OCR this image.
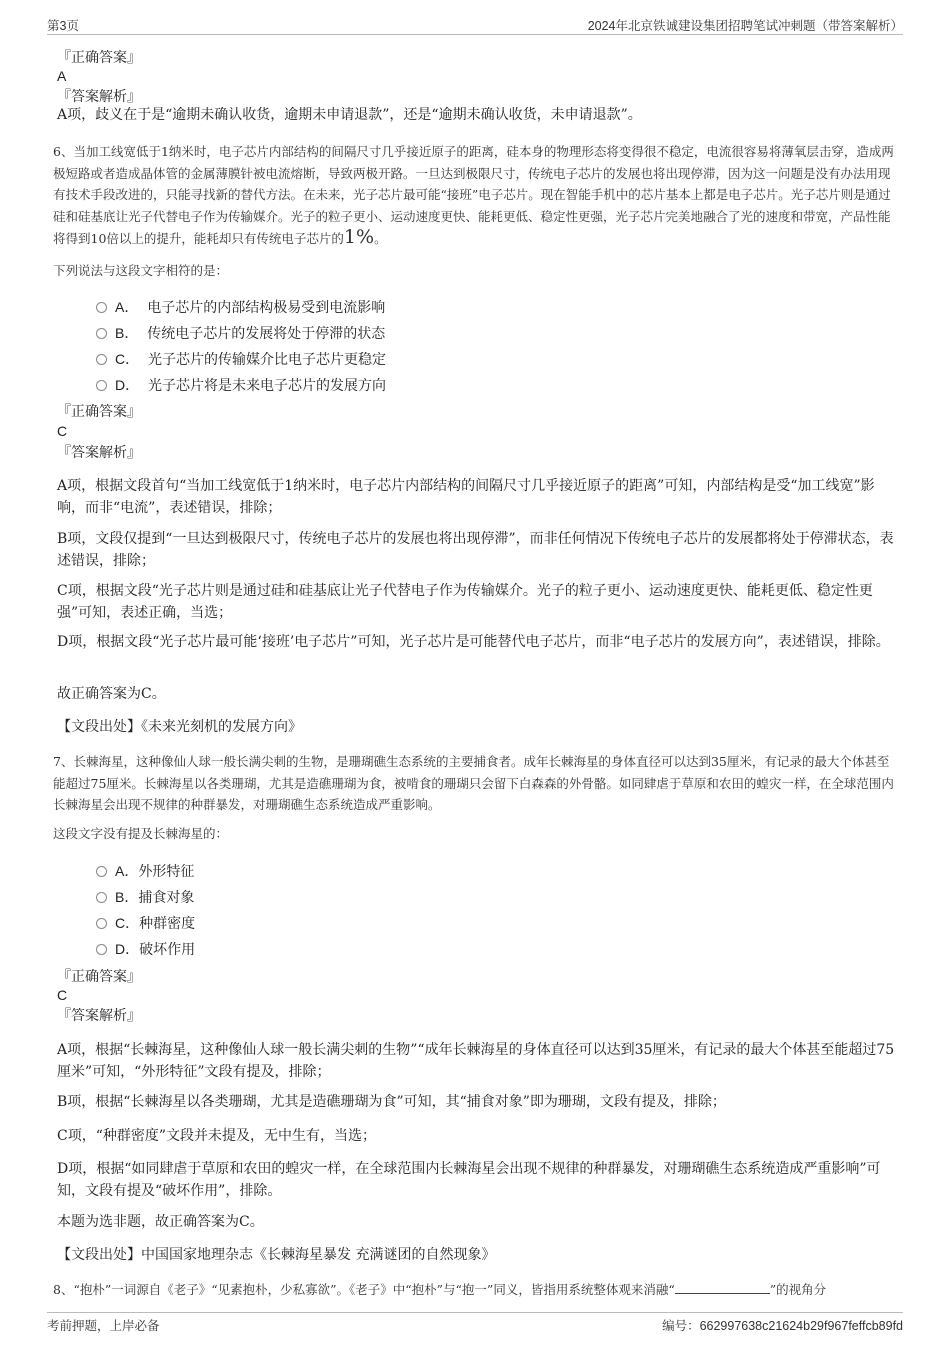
第3页	2024年北京铁诚建设集团招聘笔试冲刺题（带答案解析）
『正确答案』
A
『答案解析』
A项，歧义在于是“逾期未确认收货，逾期未申请退款”，还是“逾期未确认收货，未申请退款”。
6、当加工线宽低于1纳米时，电子芯片内部结构的间隔尺寸几乎接近原子的距离，硅本身的物理形态将变得很不稳定，电流很容易将薄氧层击穿，造成两极短路或者造成晶体管的金属薄膜针被电流熔断，导致两极开路。一旦达到极限尺寸，传统电子芯片的发展也将出现停滞，因为这一问题是没有办法用现有技术手段改进的，只能寻找新的替代方法。在未来，光子芯片最可能“接班”电子芯片。现在智能手机中的芯片基本上都是电子芯片。光子芯片则是通过硅和硅基底让光子代替电子作为传输媒介。光子的粒子更小、运动速度更快、能耗更低、稳定性更强，光子芯片完美地融合了光的速度和带宽，产品性能将得到10倍以上的提升，能耗却只有传统电子芯片的1%。
下列说法与这段文字相符的是：
A． 电子芯片的内部结构极易受到电流影响
B． 传统电子芯片的发展将处于停滞的状态
C． 光子芯片的传输媒介比电子芯片更稳定
D． 光子芯片将是未来电子芯片的发展方向
『正确答案』
C
『答案解析』
A项，根据文段首句“当加工线宽低于1纳米时，电子芯片内部结构的间隔尺寸几乎接近原子的距离”可知，内部结构是受“加工线宽”影响，而非“电流”，表述错误，排除；
B项，文段仅提到“一旦达到极限尺寸，传统电子芯片的发展也将出现停滞”，而非任何情况下传统电子芯片的发展都将处于停滞状态，表述错误，排除；
C项，根据文段“光子芯片则是通过硅和硅基底让光子代替电子作为传输媒介。光子的粒子更小、运动速度更快、能耗更低、稳定性更强”可知，表述正确，当选；
D项，根据文段“光子芯片最可能‘接班’电子芯片”可知，光子芯片是可能替代电子芯片，而非“电子芯片的发展方向”，表述错误，排除。
故正确答案为C。
【文段出处】《未来光刻机的发展方向》
7、长棘海星，这种像仙人球一般长满尖刺的生物，是珊瑚礁生态系统的主要捕食者。成年长棘海星的身体直径可以达到35厘米，有记录的最大个体甚至能超过75厘米。长棘海星以各类珊瑚，尤其是造礁珊瑚为食，被啃食的珊瑚只会留下白森森的外骨骼。如同肆虐于草原和农田的蝗灾一样，在全球范围内长棘海星会出现不规律的种群暴发，对珊瑚礁生态系统造成严重影响。
这段文字没有提及长棘海星的：
A．外形特征
B．捕食对象
C．种群密度
D．破坏作用
『正确答案』
C
『答案解析』
A项，根据“长棘海星，这种像仙人球一般长满尖刺的生物”“成年长棘海星的身体直径可以达到35厘米，有记录的最大个体甚至能超过75厘米”可知，“外形特征”文段有提及，排除；
B项，根据“长棘海星以各类珊瑚，尤其是造礁珊瑚为食”可知，其“捕食对象”即为珊瑚，文段有提及，排除；
C项，“种群密度”文段并未提及，无中生有，当选；
D项，根据“如同肆虐于草原和农田的蝗灾一样，在全球范围内长棘海星会出现不规律的种群暴发，对珊瑚礁生态系统造成严重影响”可知，文段有提及“破坏作用”，排除。
本题为选非题，故正确答案为C。
【文段出处】中国国家地理杂志《长棘海星暴发 充满谜团的自然现象》
8、“抱朴”一词源自《老子》“见素抱朴，少私寡欲”。《老子》中“抱朴”与“抱一”同义，皆指用系统整体观来消融“	”的视角分
考前押题，上岸必备	编号：662997638c21624b29f967feffcb89fd
